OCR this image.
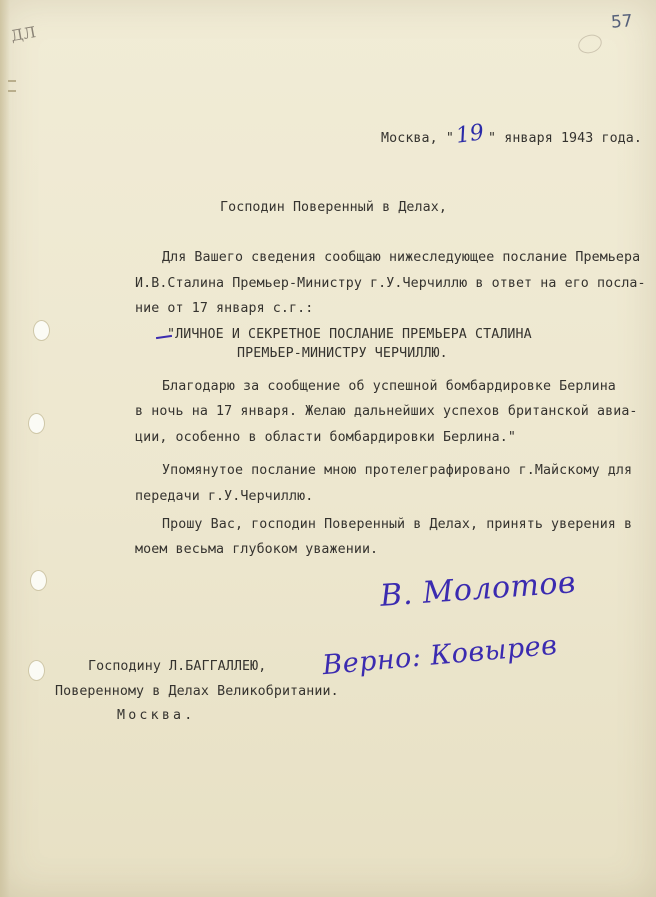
57
ДЛ
Москва, " 19 " января 1943 года.
Господин Поверенный в Делах,
Для Вашего сведения сообщаю нижеследующее послание Премьера
И.В.Сталина Премьер-Министру г.У.Черчиллю в ответ на его посла-
ние от 17 января с.г.:
"ЛИЧНОЕ И СЕКРЕТНОЕ ПОСЛАНИЕ ПРЕМЬЕРА СТАЛИНА
ПРЕМЬЕР-МИНИСТРУ ЧЕРЧИЛЛЮ.
Благодарю за сообщение об успешной бомбардировке Берлина
в ночь на 17 января. Желаю дальнейших успехов британской авиа-
ции, особенно в области бомбардировки Берлина."
Упомянутое послание мною протелеграфировано г.Майскому для
передачи г.У.Черчиллю.
Прошу Вас, господин Поверенный в Делах, принять уверения в
моем весьма глубоком уважении.
В. Молотов
Верно: Ковырев
Господину Л.БАГГАЛЛЕЮ,
Поверенному в Делах Великобритании.
Москва.
